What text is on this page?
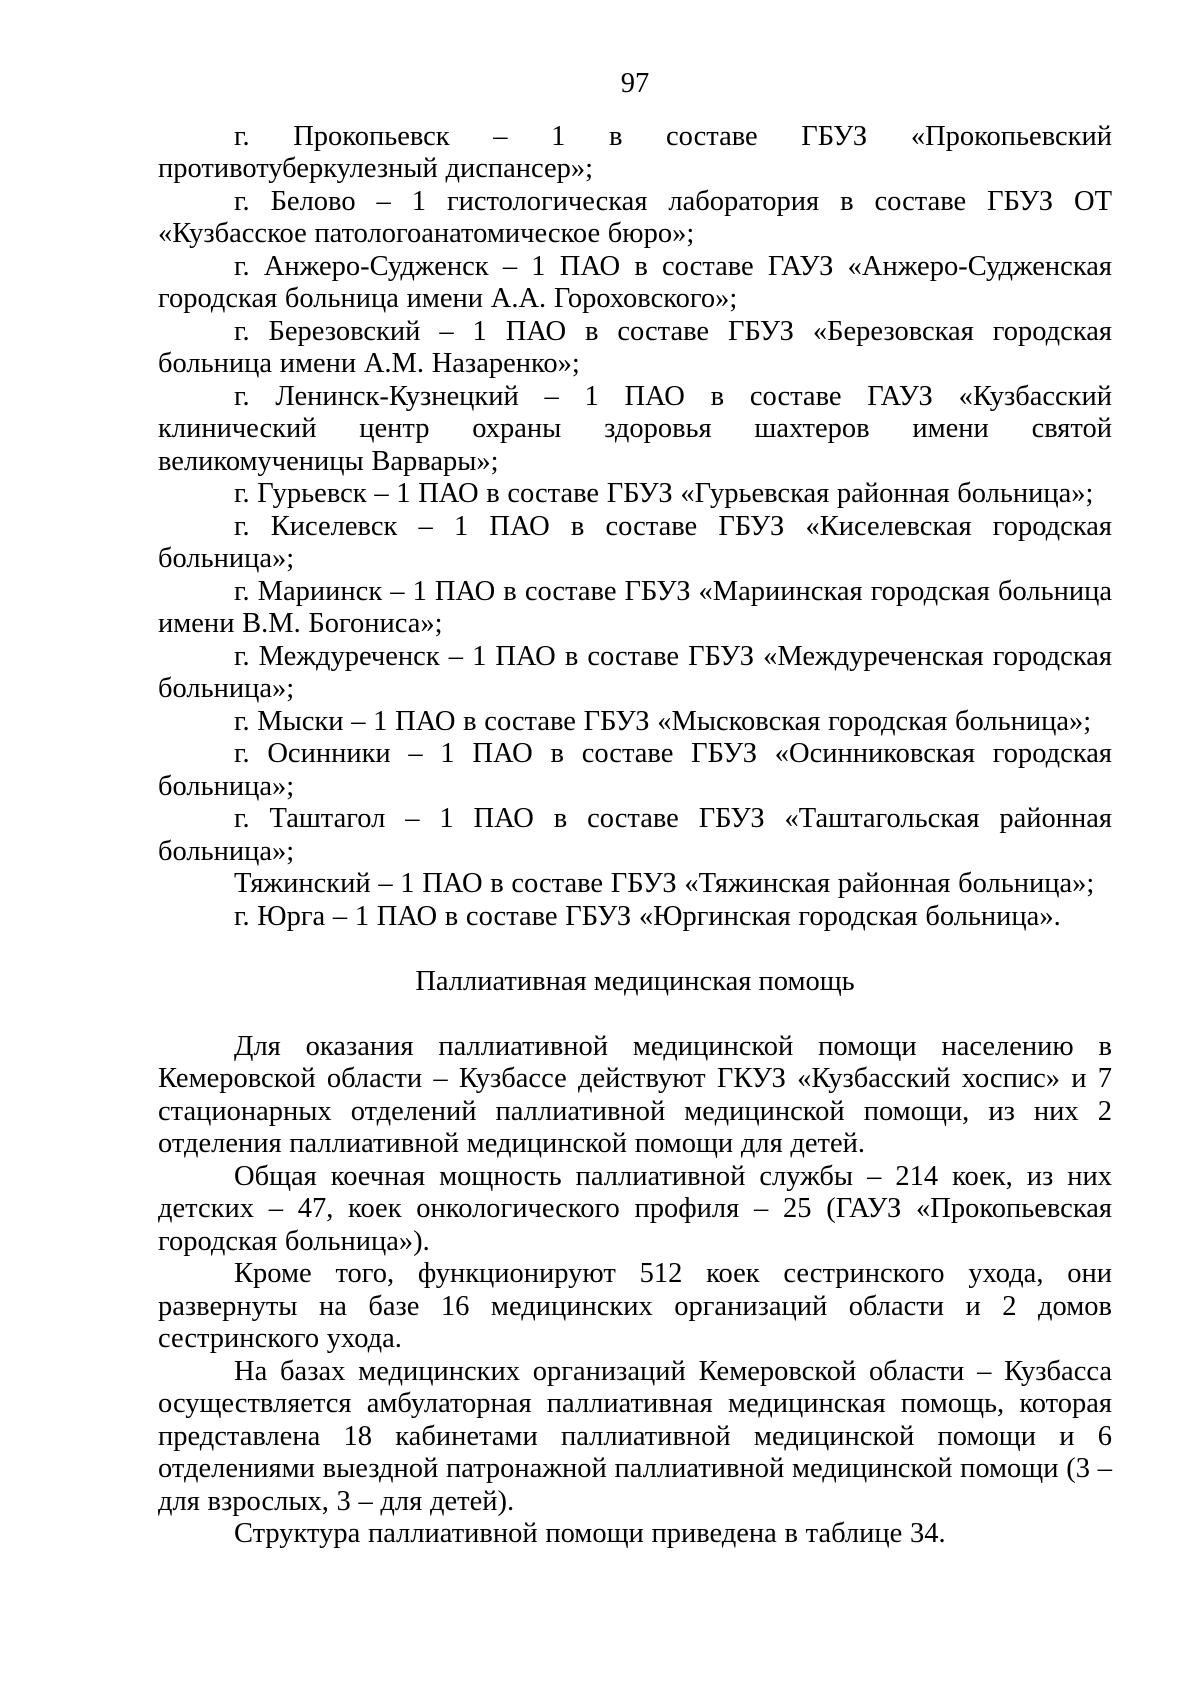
97

г. Прокопьевск – 1 в составе ГБУЗ «Прокопьевский противотуберкулезный диспансер»;

г. Белово – 1 гистологическая лаборатория в составе ГБУЗ ОТ «Кузбасское патологоанатомическое бюро»;

г. Анжеро-Судженск – 1 ПАО в составе ГАУЗ «Анжеро-Судженская городская больница имени А.А. Гороховского»;

г. Березовский – 1 ПАО в составе ГБУЗ «Березовская городская больница имени А.М. Назаренко»;

г. Ленинск-Кузнецкий – 1 ПАО в составе ГАУЗ «Кузбасский клинический центр охраны здоровья шахтеров имени святой великомученицы Варвары»;

г. Гурьевск – 1 ПАО в составе ГБУЗ «Гурьевская районная больница»;

г. Киселевск – 1 ПАО в составе ГБУЗ «Киселевская городская больница»;

г. Мариинск – 1 ПАО в составе ГБУЗ «Мариинская городская больница имени В.М. Богониса»;

г. Междуреченск – 1 ПАО в составе ГБУЗ «Междуреченская городская больница»;

г. Мыски – 1 ПАО в составе ГБУЗ «Мысковская городская больница»;

г. Осинники – 1 ПАО в составе ГБУЗ «Осинниковская городская больница»;

г. Таштагол – 1 ПАО в составе ГБУЗ «Таштагольская районная больница»;

Тяжинский – 1 ПАО в составе ГБУЗ «Тяжинская районная больница»;

г. Юрга – 1 ПАО в составе ГБУЗ «Юргинская городская больница».

Паллиативная медицинская помощь

Для оказания паллиативной медицинской помощи населению в Кемеровской области – Кузбассе действуют ГКУЗ «Кузбасский хоспис» и 7 стационарных отделений паллиативной медицинской помощи, из них 2 отделения паллиативной медицинской помощи для детей.

Общая коечная мощность паллиативной службы – 214 коек, из них детских – 47, коек онкологического профиля – 25 (ГАУЗ «Прокопьевская городская больница»).

Кроме того, функционируют 512 коек сестринского ухода, они развернуты на базе 16 медицинских организаций области и 2 домов сестринского ухода.

На базах медицинских организаций Кемеровской области – Кузбасса осуществляется амбулаторная паллиативная медицинская помощь, которая представлена 18 кабинетами паллиативной медицинской помощи и 6 отделениями выездной патронажной паллиативной медицинской помощи (3 – для взрослых, 3 – для детей).

Структура паллиативной помощи приведена в таблице 34.
